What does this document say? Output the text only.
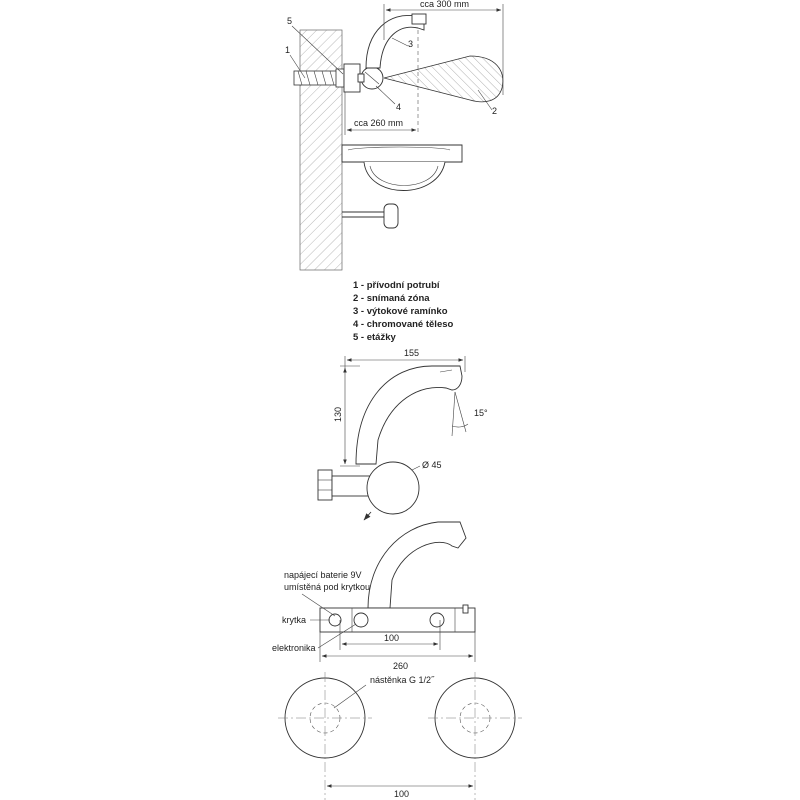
cca 300 mm
cca 260 mm
1
5
3
4	2
1 - přívodní potrubí
2 - snímaná zóna
3 - výtokové ramínko
4 - chromované těleso
5 - etážky
155
130	15°
Ø 45
100
260
napájecí baterie 9V
umístěná pod krytkou
krytka
elektronika
nástěnka G 1/2˝
100
